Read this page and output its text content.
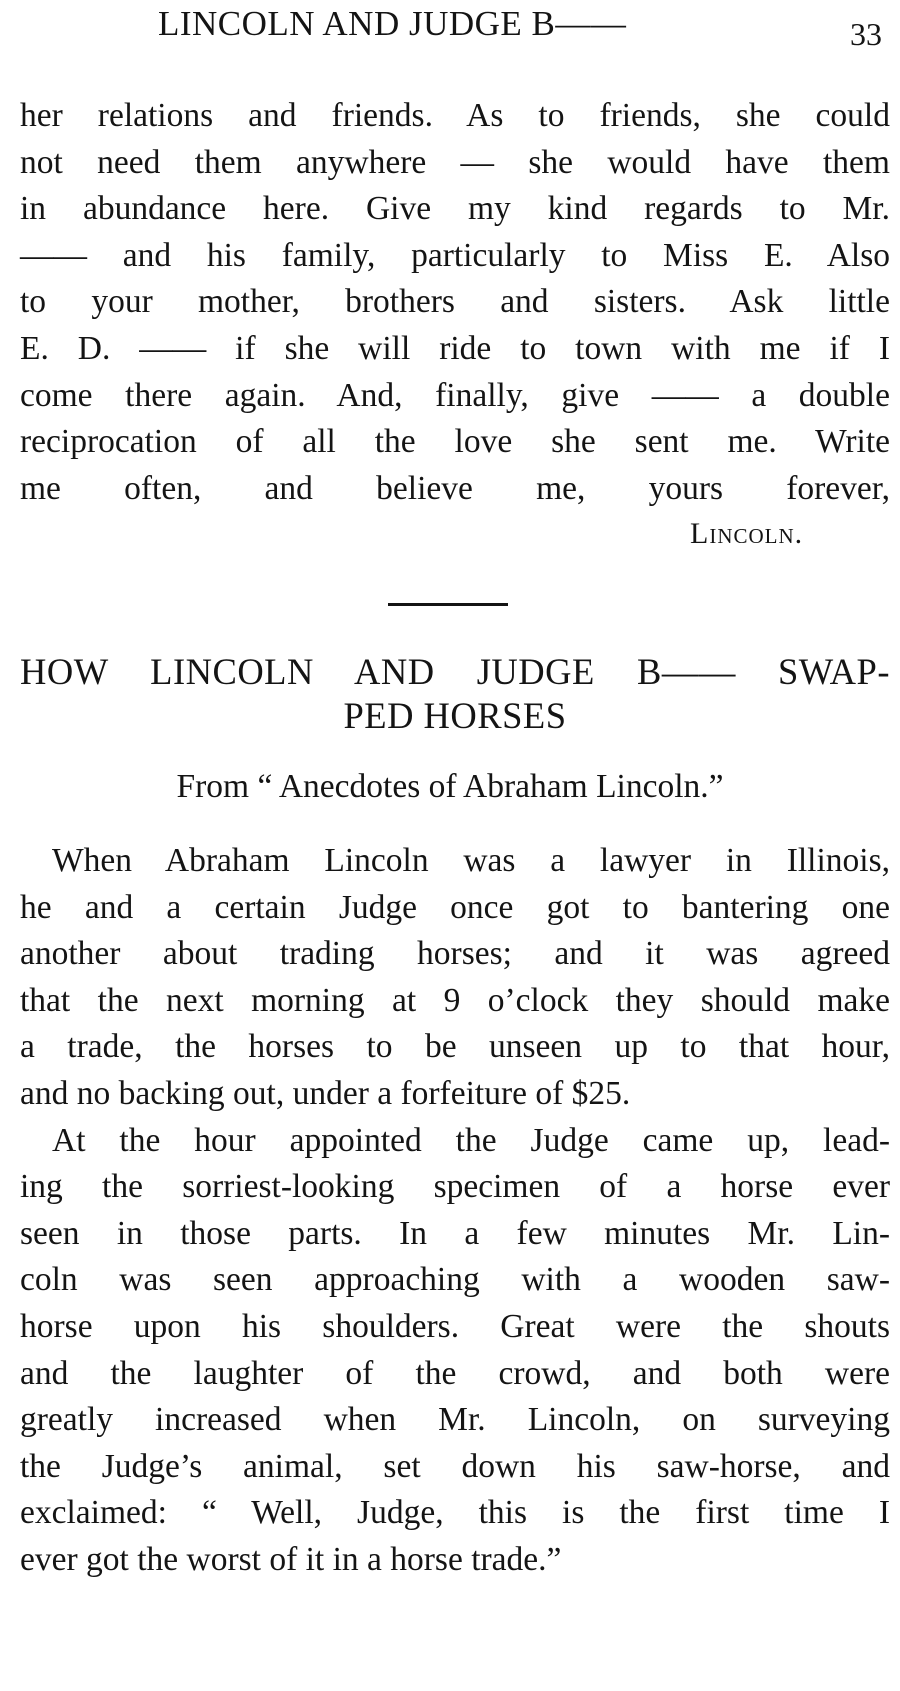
LINCOLN AND JUDGE B——	33
her relations and friends. As to friends, she could
not need them anywhere — she would have them
in abundance here. Give my kind regards to Mr.
—— and his family, particularly to Miss E. Also
to your mother, brothers and sisters. Ask little
E. D. —— if she will ride to town with me if I
come there again. And, finally, give —— a double
reciprocation of all the love she sent me. Write
me often, and believe me, yours forever,
Lincoln.
HOW LINCOLN AND JUDGE B—— SWAP-
PED HORSES
From “ Anecdotes of Abraham Lincoln.”
When Abraham Lincoln was a lawyer in Illinois,
he and a certain Judge once got to bantering one
another about trading horses; and it was agreed
that the next morning at 9 o’clock they should make
a trade, the horses to be unseen up to that hour,
and no backing out, under a forfeiture of $25.
At the hour appointed the Judge came up, lead-
ing the sorriest-looking specimen of a horse ever
seen in those parts. In a few minutes Mr. Lin-
coln was seen approaching with a wooden saw-
horse upon his shoulders. Great were the shouts
and the laughter of the crowd, and both were
greatly increased when Mr. Lincoln, on surveying
the Judge’s animal, set down his saw-horse, and
exclaimed: “ Well, Judge, this is the first time I
ever got the worst of it in a horse trade.”
